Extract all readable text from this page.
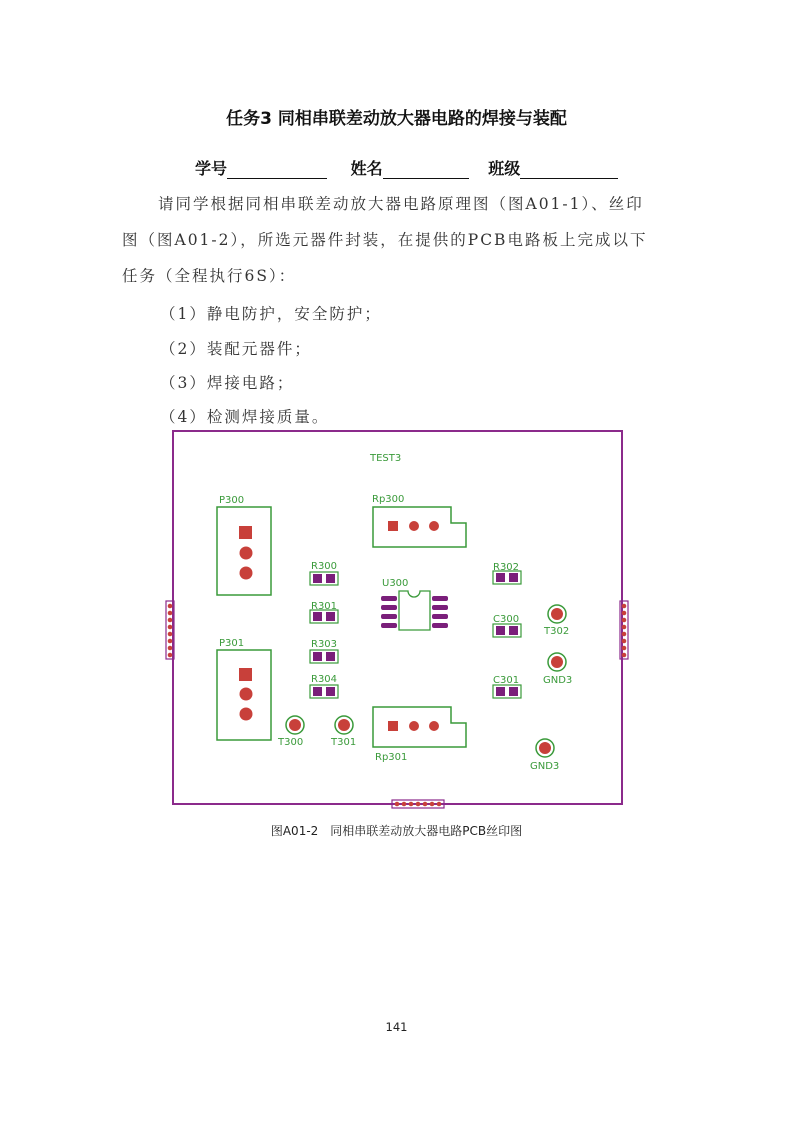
任务3 同相串联差动放大器电路的焊接与装配
学号	姓名	班级
请同学根据同相串联差动放大器电路原理图（图A01-1）、丝印
图（图A01-2），所选元器件封装，在提供的PCB电路板上完成以下
任务（全程执行6S）：
（1）静电防护，安全防护；
（2）装配元器件；
（3）焊接电路；
（4）检测焊接质量。
TEST3
P300
P301
Rp300
Rp301
R300
R301
R303
R304
U300
R302
C300
C301
T302
GND3
GND3
T300	T301
图A01-2　同相串联差动放大器电路PCB丝印图
141
